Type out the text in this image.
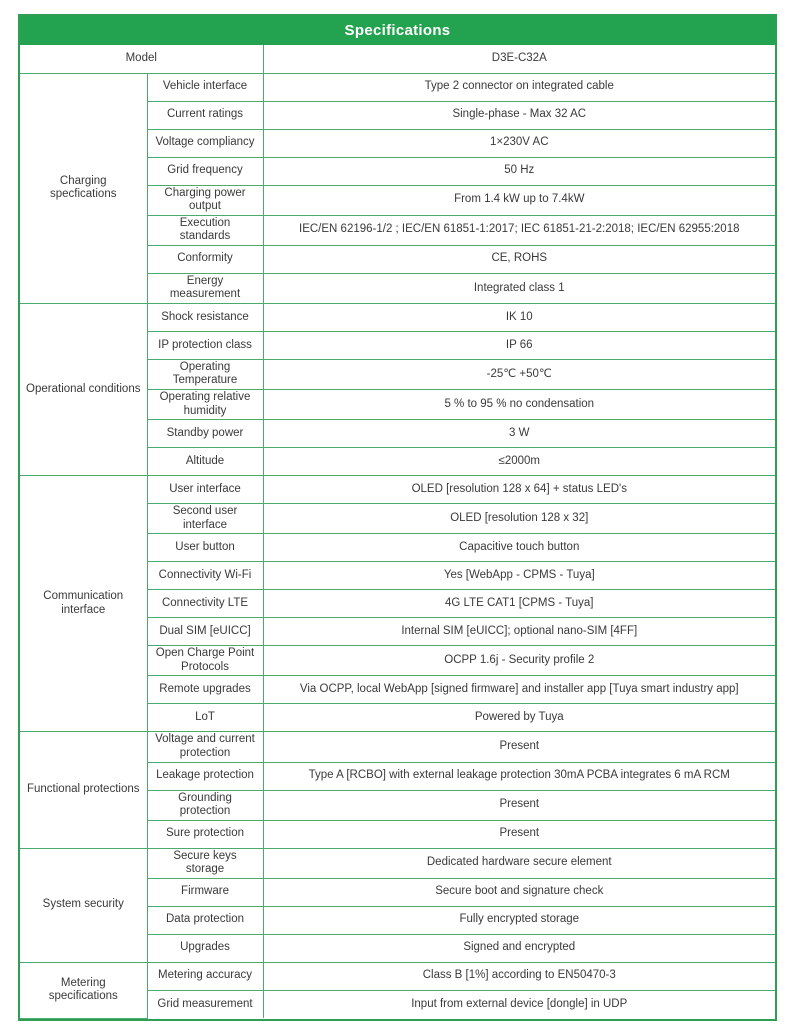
Specifications
Model		D3E-C32A
Charging specfications	Vehicle interface	Type 2 connector on integrated cable
	Current ratings	Single-phase - Max 32 AC
	Voltage compliancy	1×230V AC
	Grid frequency	50 Hz
	Charging power output	From 1.4 kW up to 7.4kW
	Execution standards	IEC/EN 62196-1/2 ; IEC/EN 61851-1:2017; IEC 61851-21-2:2018; IEC/EN 62955:2018
	Conformity	CE, ROHS
	Energy measurement	Integrated class 1
Operational conditions	Shock resistance	IK 10
	IP protection class	IP 66
	Operating Temperature	-25℃ +50℃
	Operating relative humidity	5 % to 95 % no condensation
	Standby power	3 W
	Altitude	≤2000m
Communication interface	User interface	OLED [resolution 128 x 64] + status LED's
	Second user interface	OLED [resolution 128 x 32]
	User button	Capacitive touch button
	Connectivity Wi-Fi	Yes [WebApp - CPMS - Tuya]
	Connectivity LTE	4G LTE CAT1 [CPMS - Tuya]
	Dual SIM [eUICC]	Internal SIM [eUICC]; optional nano-SIM [4FF]
	Open Charge Point Protocols	OCPP 1.6j - Security profile 2
	Remote upgrades	Via OCPP, local WebApp [signed firmware] and installer app [Tuya smart industry app]
	LoT	Powered by Tuya
Functional protections	Voltage and current protection	Present
	Leakage protection	Type A [RCBO] with external leakage protection 30mA PCBA integrates 6 mA RCM
	Grounding protection	Present
	Sure protection	Present
System security	Secure keys storage	Dedicated hardware secure element
	Firmware	Secure boot and signature check
	Data protection	Fully encrypted storage
	Upgrades	Signed and encrypted
Metering specifications	Metering accuracy	Class B [1%] according to EN50470-3
	Grid measurement	Input from external device [dongle] in UDP
